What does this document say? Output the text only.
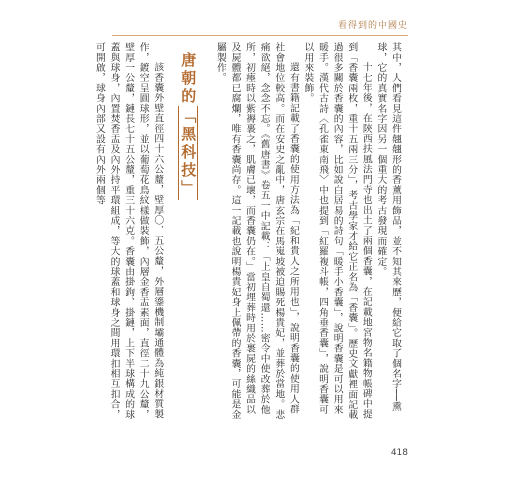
看得到的中國史

其中，人們看見這件翹翹形的香薰用飾品，並不知其來歷，便給它取了個名字──熏球，它的真實名字因另一個重大的考古發現而確定。

十七年後，在陝西扶風法門寺也出土了兩個香囊，在記載地宮物名籍物帳碑中提到「香囊兩枚，重十五兩三分」，考古學家才給它正名為「香囊」。歷史文獻裡面記載過很多關於香囊的內容，比如說白居易的詩句「暖手小香囊」，說明香囊是可以用來暖手。漢代古詩〈孔雀東南飛〉中也提到「紅羅複斗帳，四角垂香囊」，說明香囊可以用來裝飾。

還有書籍記載了香囊的使用方法為「紀和貴人之所用也」，說明香囊的使用人群社會地位較高。而在安史之亂中，唐玄宗在馬嵬坡被迫賜死楊貴妃，並葬於當地。悲痛欲絕，念念不忘。《舊唐書》卷五一中記載：「上皇自蜀還……密令中使改葬於他所，初瘞時以紫褥裹之，肌膚已壞，而香囊仍在。」當初埋葬時用於裹屍的絲織品以及屍體都已腐爛，唯有香囊尚存。這一記載也說明楊貴妃身上佩帶的香囊，可能是金屬製作。

唐朝的「黑科技」

該香囊外壁直徑四十六公釐，壁厚〇．五公釐，外層鎏機制壩通體為純銀材質製作，鍍空呈圓球形，並以葡萄花鳥紋樣做裝飾，內層金香盂素面，直徑二十九公釐，壁厚一公釐，鏈長七十五公釐，重三十六克。香囊由掛鉤、掛鏈，上下半球構成的球蓋與球身，內置焚香盂及內外持平環組成，等大的球蓋和球身之間用環扣相互扣合，可開啟，球身內部又設有內外兩個等

418
